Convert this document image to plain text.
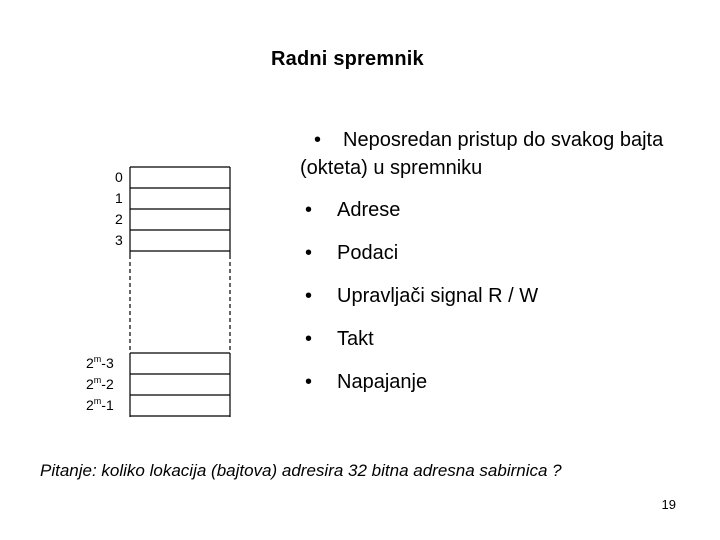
Radni spremnik
• Neposredan pristup do svakog bajta (okteta) u spremniku
• Adrese
• Podaci
• Upravljači signal R / W
• Takt
• Napajanje
0
1
2
3
2$^m$-3
2$^m$-2
2$^m$-1
Pitanje: koliko lokacija (bajtova) adresira 32 bitna adresna sabirnica ?
19
